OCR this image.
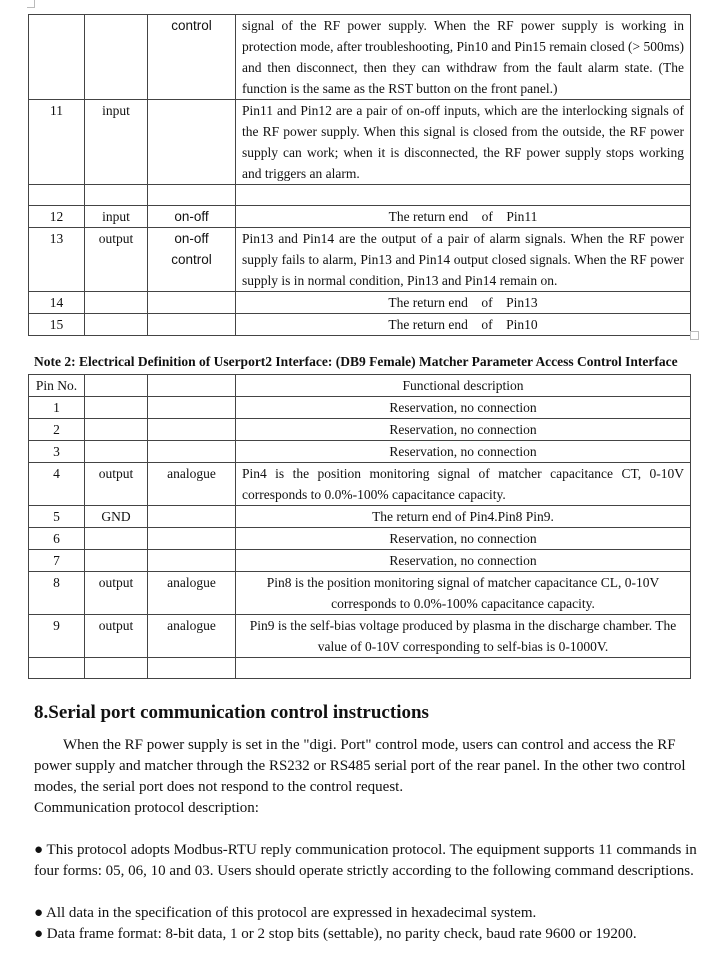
		control	signal of the RF power supply. When the RF power supply is working in protection mode, after troubleshooting, Pin10 and Pin15 remain closed (> 500ms) and then disconnect, then they can withdraw from the fault alarm state. (The function is the same as the RST button on the front panel.)
11	input		Pin11 and Pin12 are a pair of on-off inputs, which are the interlocking signals of the RF power supply. When this signal is closed from the outside, the RF power supply can work; when it is disconnected, the RF power supply stops working and triggers an alarm.

12	input	on-off	The return end    of    Pin11
13	output	on-off control	Pin13 and Pin14 are the output of a pair of alarm signals. When the RF power supply fails to alarm, Pin13 and Pin14 output closed signals. When the RF power supply is in normal condition, Pin13 and Pin14 remain on.
14			The return end    of    Pin13
15			The return end    of    Pin10
Note 2: Electrical Definition of Userport2 Interface: (DB9 Female) Matcher Parameter Access Control Interface
Pin No.			Functional description
1			Reservation, no connection
2			Reservation, no connection
3			Reservation, no connection
4	output	analogue	Pin4 is the position monitoring signal of matcher capacitance CT, 0-10V corresponds to 0.0%-100% capacitance capacity.
5	GND		The return end of Pin4.Pin8 Pin9.
6			Reservation, no connection
7			Reservation, no connection
8	output	analogue	Pin8 is the position monitoring signal of matcher capacitance CL, 0-10V corresponds to 0.0%-100% capacitance capacity.
9	output	analogue	Pin9 is the self-bias voltage produced by plasma in the discharge chamber. The value of 0-10V corresponding to self-bias is 0-1000V.

8.Serial port communication control instructions

When the RF power supply is set in the "digi. Port" control mode, users can control and access the RF power supply and matcher through the RS232 or RS485 serial port of the rear panel. In the other two control modes, the serial port does not respond to the control request.

Communication protocol description:

● This protocol adopts Modbus-RTU reply communication protocol. The equipment supports 11 commands in four forms: 05, 06, 10 and 03. Users should operate strictly according to the following command descriptions.

● All data in the specification of this protocol are expressed in hexadecimal system.

● Data frame format: 8-bit data, 1 or 2 stop bits (settable), no parity check, baud rate 9600 or 19200.
